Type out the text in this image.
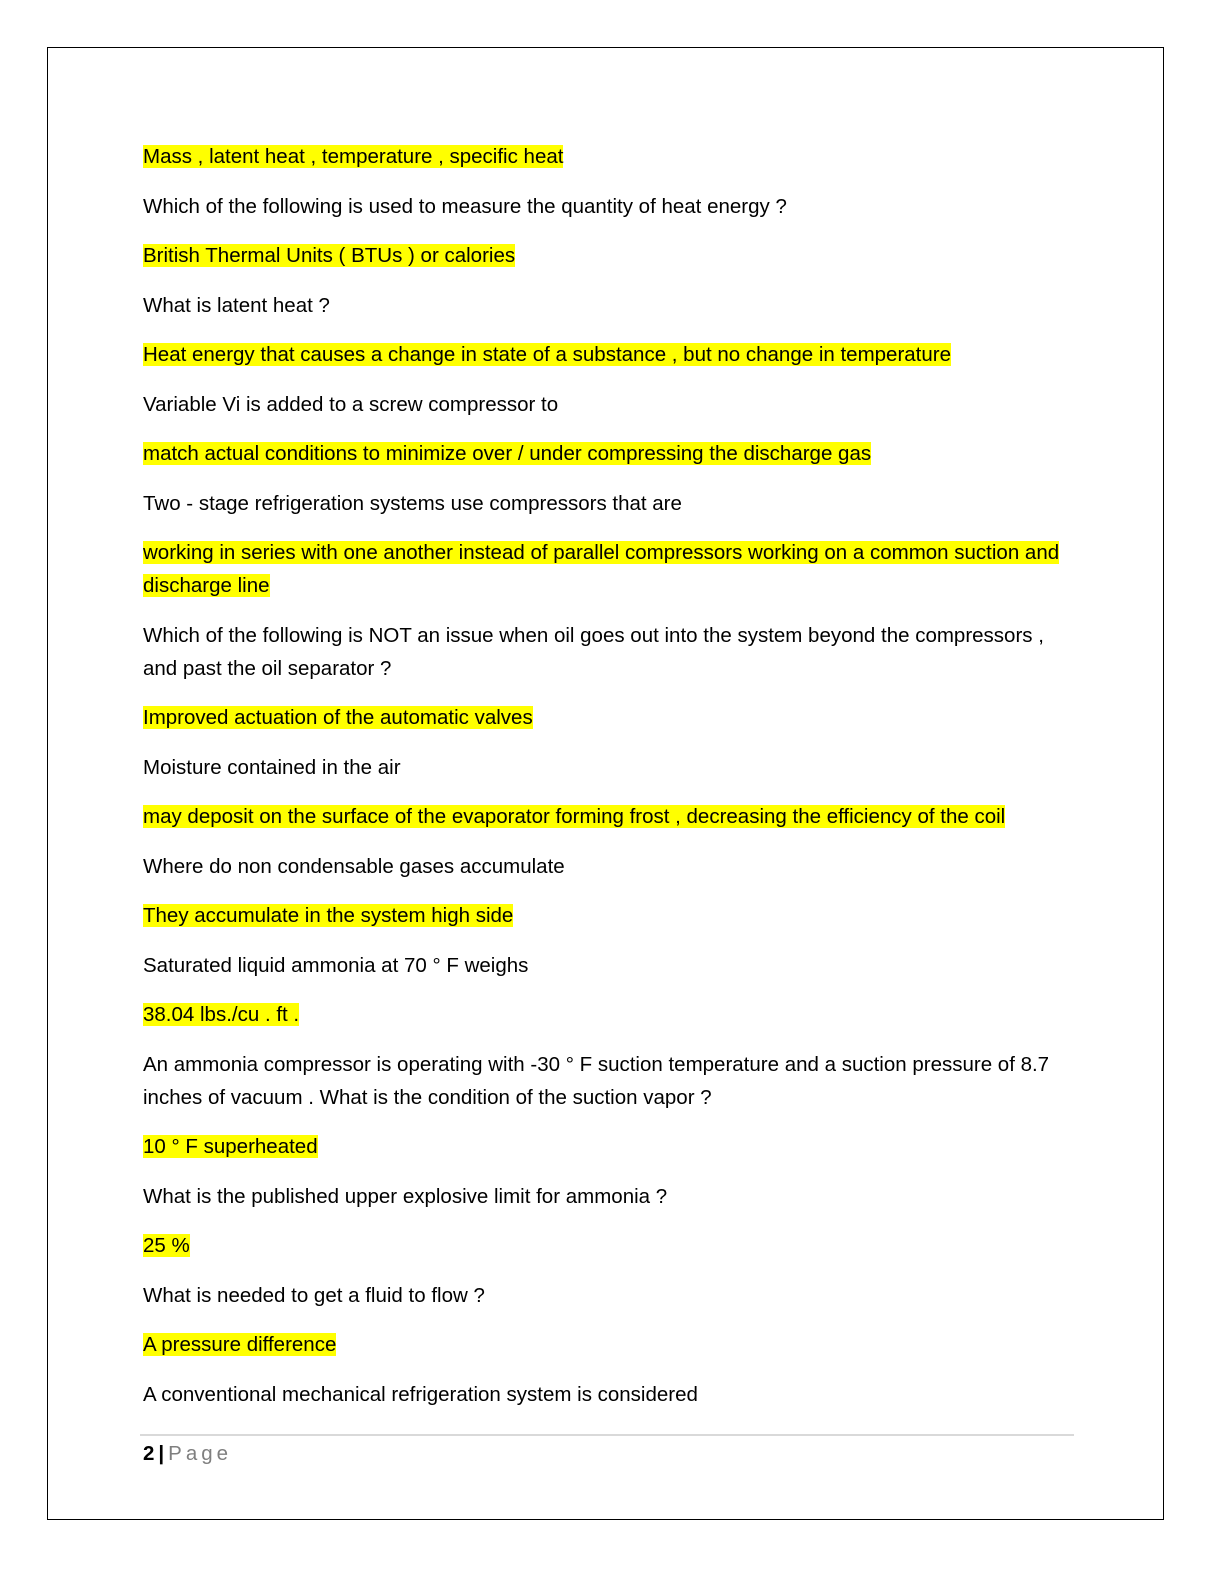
Mass , latent heat , temperature , specific heat

Which of the following is used to measure the quantity of heat energy ?

British Thermal Units ( BTUs ) or calories

What is latent heat ?

Heat energy that causes a change in state of a substance , but no change in temperature

Variable Vi is added to a screw compressor to

match actual conditions to minimize over / under compressing the discharge gas

Two - stage refrigeration systems use compressors that are

working in series with one another instead of parallel compressors working on a common suction and discharge line

Which of the following is NOT an issue when oil goes out into the system beyond the compressors , and past the oil separator ?

Improved actuation of the automatic valves

Moisture contained in the air

may deposit on the surface of the evaporator forming frost , decreasing the efficiency of the coil

Where do non condensable gases accumulate

They accumulate in the system high side

Saturated liquid ammonia at 70 ° F weighs

38.04 lbs./cu . ft .

An ammonia compressor is operating with -30 ° F suction temperature and a suction pressure of 8.7 inches of vacuum . What is the condition of the suction vapor ?

10 ° F superheated

What is the published upper explosive limit for ammonia ?

25 %

What is needed to get a fluid to flow ?

A pressure difference

A conventional mechanical refrigeration system is considered

2 | Page
